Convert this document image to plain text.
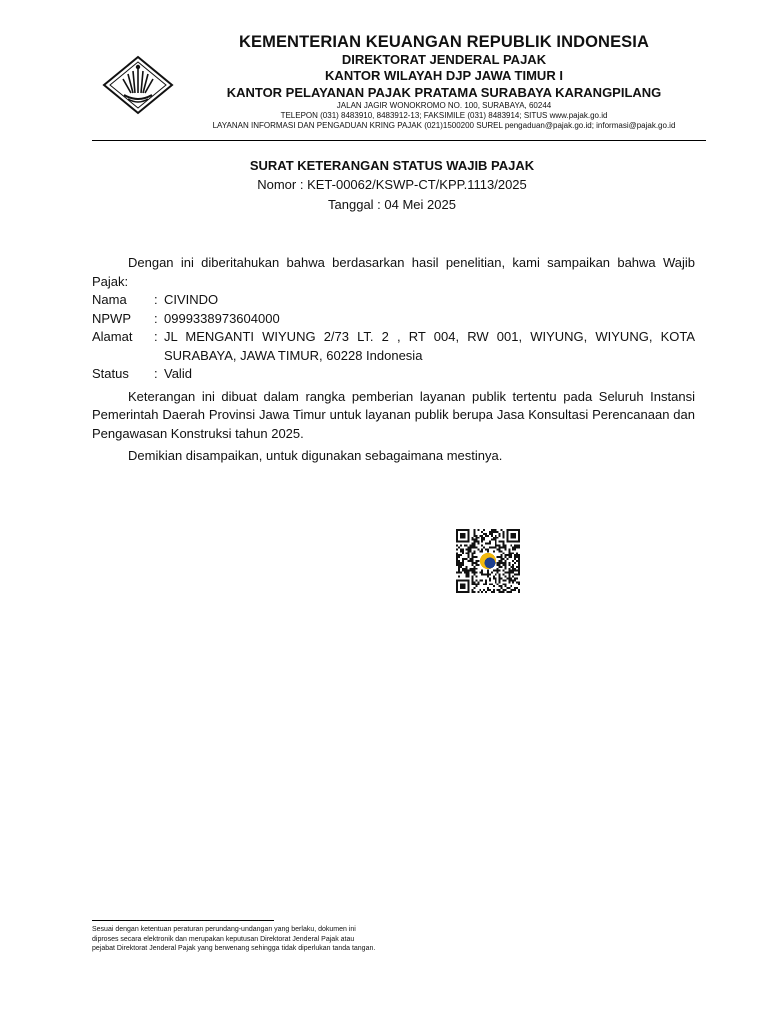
KEMENTERIAN KEUANGAN REPUBLIK INDONESIA
DIREKTORAT JENDERAL PAJAK
KANTOR WILAYAH DJP JAWA TIMUR I
KANTOR PELAYANAN PAJAK PRATAMA SURABAYA KARANGPILANG
JALAN JAGIR WONOKROMO NO. 100, SURABAYA, 60244
TELEPON (031) 8483910, 8483912-13; FAKSIMILE (031) 8483914; SITUS www.pajak.go.id
LAYANAN INFORMASI DAN PENGADUAN KRING PAJAK (021)1500200 SUREL pengaduan@pajak.go.id; informasi@pajak.go.id
SURAT KETERANGAN STATUS WAJIB PAJAK
Nomor : KET-00062/KSWP-CT/KPP.1113/2025
Tanggal : 04 Mei 2025

Dengan ini diberitahukan bahwa berdasarkan hasil penelitian, kami sampaikan bahwa Wajib Pajak:

Nama	:	CIVINDO
NPWP	:	0999338973604000
Alamat	:	JL MENGANTI WIYUNG 2/73 LT. 2 , RT 004, RW 001, WIYUNG, WIYUNG, KOTA SURABAYA, JAWA TIMUR, 60228 Indonesia
Status	:	Valid

Keterangan ini dibuat dalam rangka pemberian layanan publik tertentu pada Seluruh Instansi Pemerintah Daerah Provinsi Jawa Timur untuk layanan publik berupa Jasa Konsultasi Perencanaan dan Pengawasan Konstruksi tahun 2025.

Demikian disampaikan, untuk digunakan sebagaimana mestinya.

Sesuai dengan ketentuan peraturan perundang-undangan yang berlaku, dokumen ini
diproses secara elektronik dan merupakan keputusan Direktorat Jenderal Pajak atau
pejabat Direktorat Jenderal Pajak yang berwenang sehingga tidak diperlukan tanda tangan.
